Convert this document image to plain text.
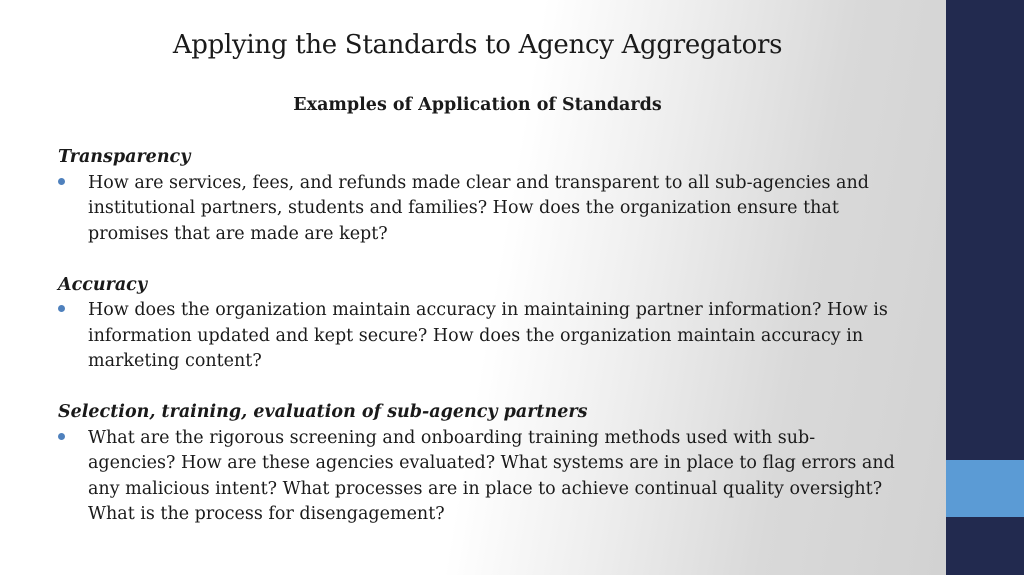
Applying the Standards to Agency Aggregators
Examples of Application of Standards

Transparency

How are services, fees, and refunds made clear and transparent to all sub-agencies and institutional partners, students and families? How does the organization ensure that promises that are made are kept?

Accuracy

How does the organization maintain accuracy in maintaining partner information? How is information updated and kept secure? How does the organization maintain accuracy in marketing content?

Selection, training, evaluation of sub-agency partners

What are the rigorous screening and onboarding training methods used with sub-agencies? How are these agencies evaluated? What systems are in place to flag errors and any malicious intent? What processes are in place to achieve continual quality oversight? What is the process for disengagement?
